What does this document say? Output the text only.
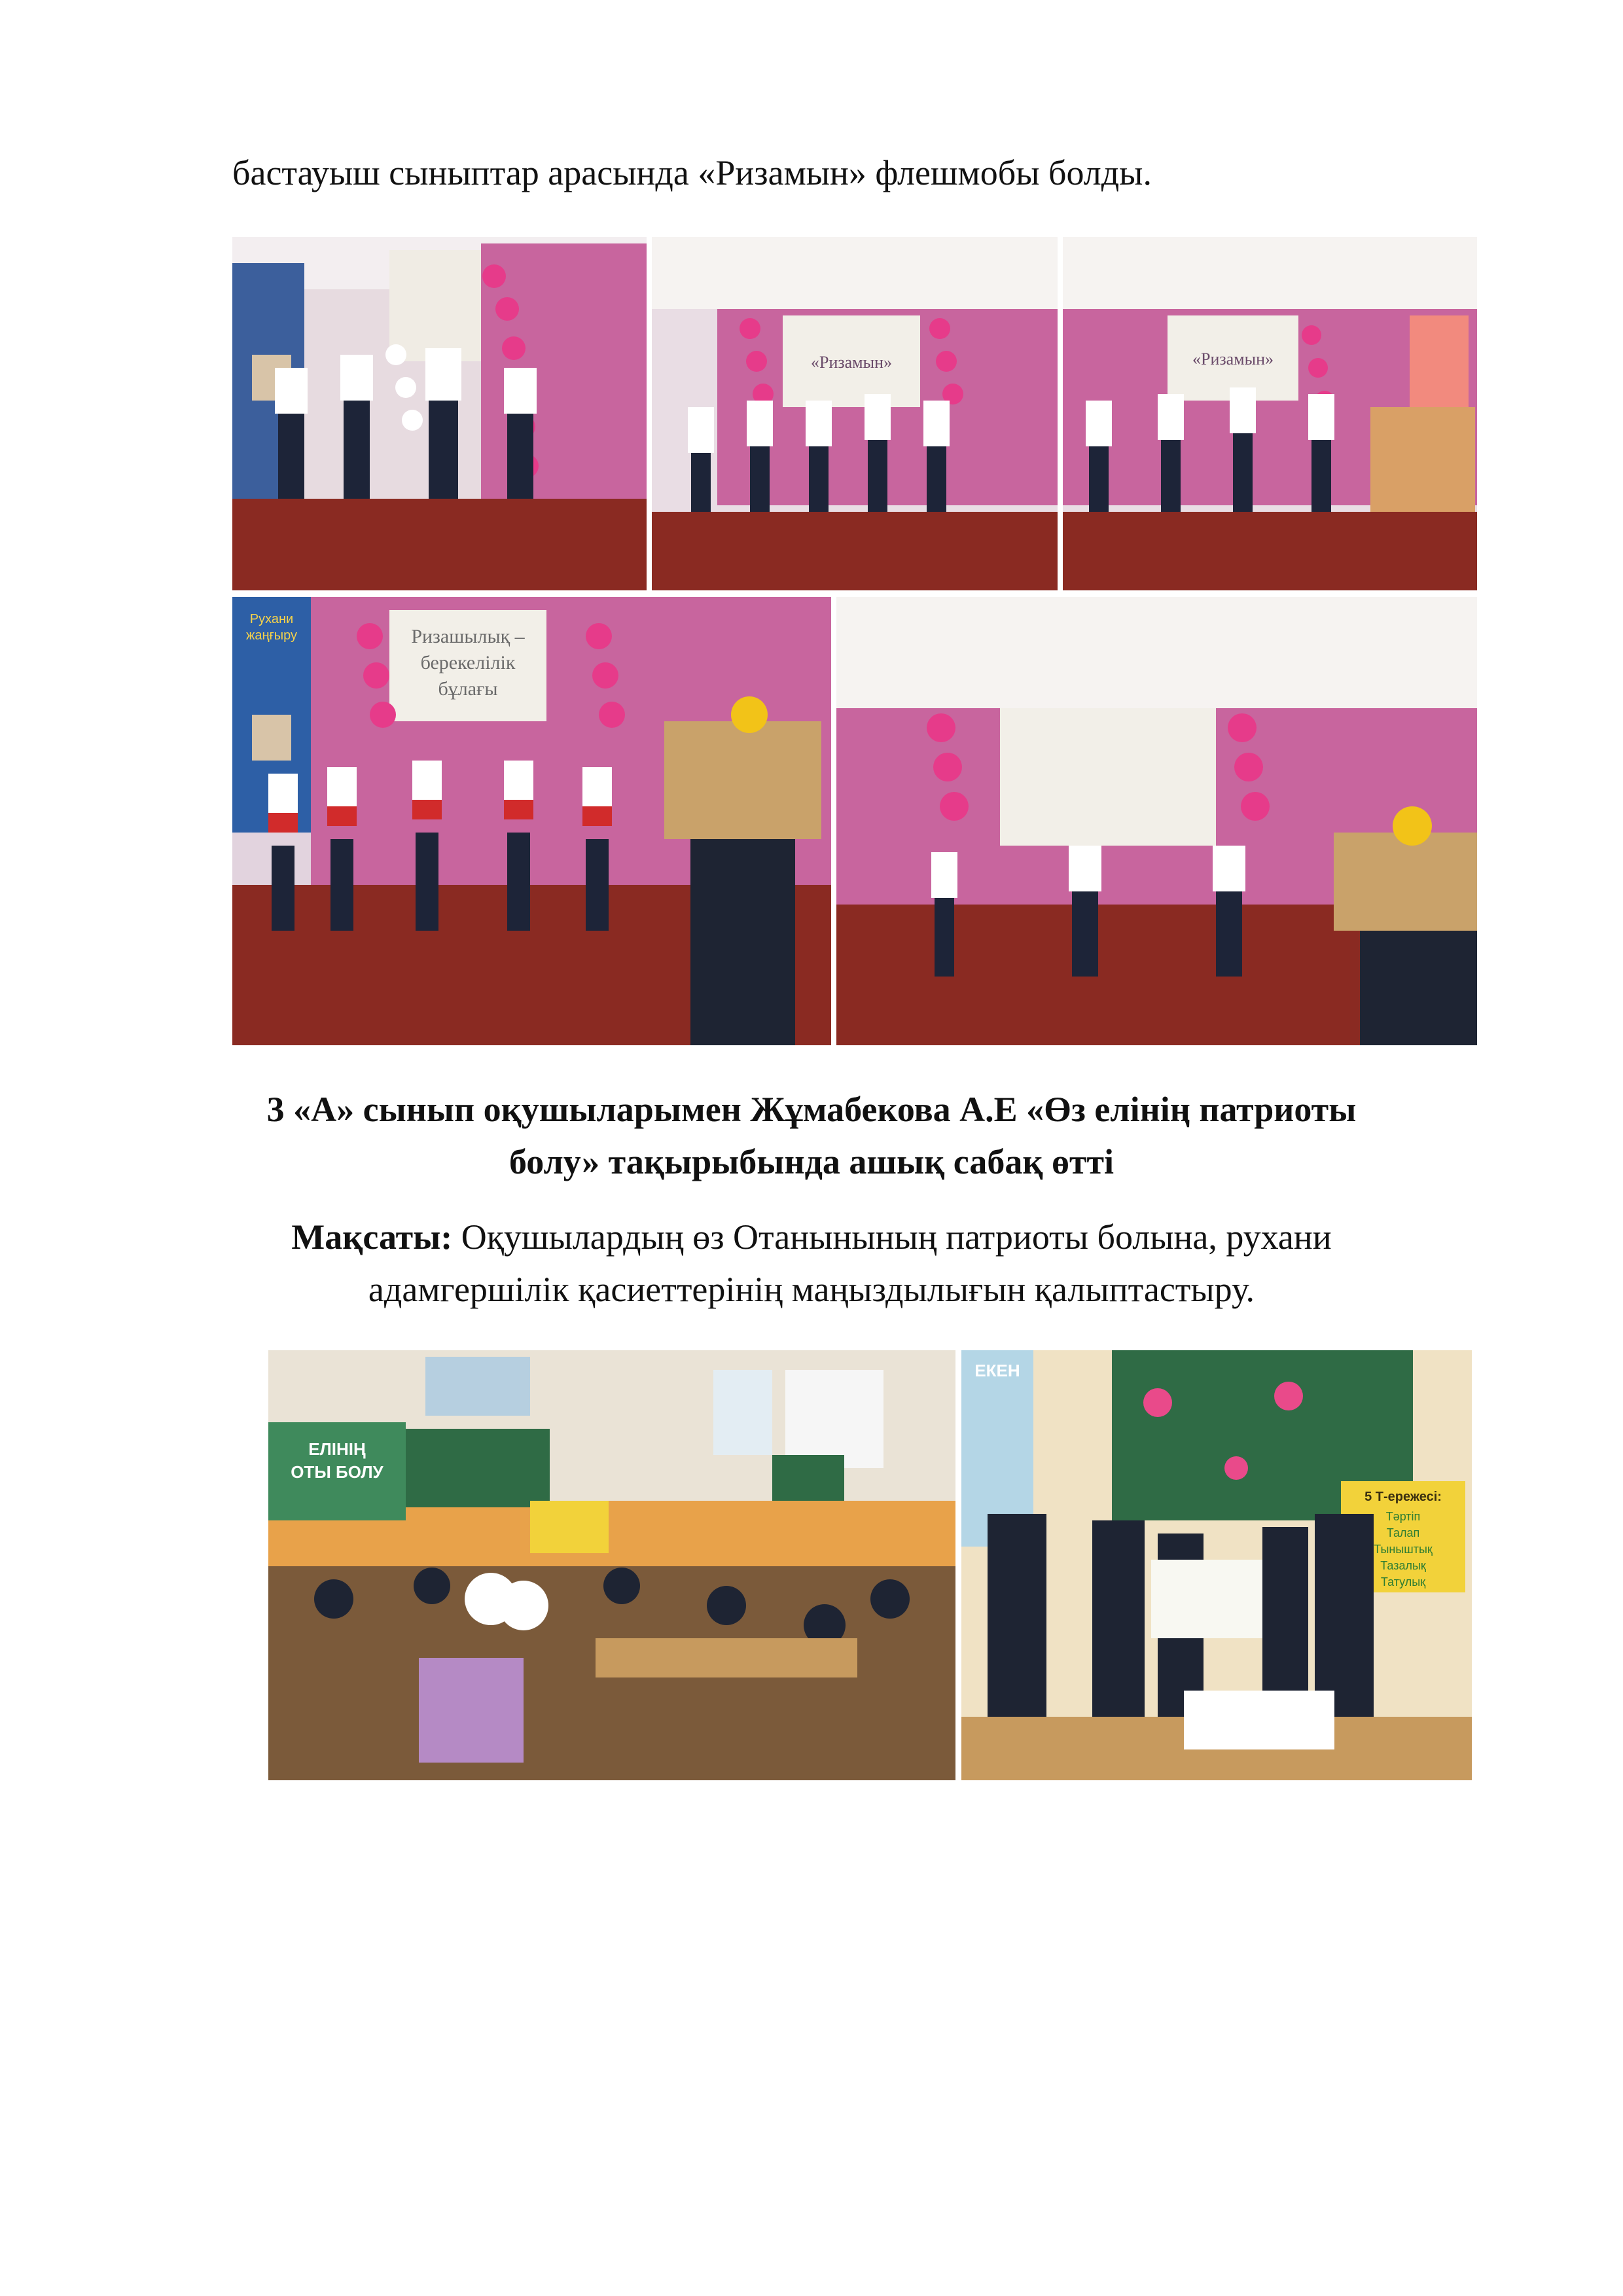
бастауыш сыныптар арасында «Ризамын» флешмобы болды.

«Ризамын»	«Ризамын»
Рухани
жаңғыру	Ризашылық –
берекелілік
бұлағы
3 «А» сынып оқушыларымен Жұмабекова А.Е «Өз елінің патриоты
болу» тақырыбында ашық сабақ өтті
Мақсаты: Оқушылардың өз Отанынының патриоты болына, рухани
адамгершілік қасиеттерінің маңыздылығын қалыптастыру.
ЕЛІНІҢ
ОТЫ БОЛУ
ЕКЕН
5 Т-ережесі:
Тәртіп
Талап
Тыныштық
Тазалық
Татулық
